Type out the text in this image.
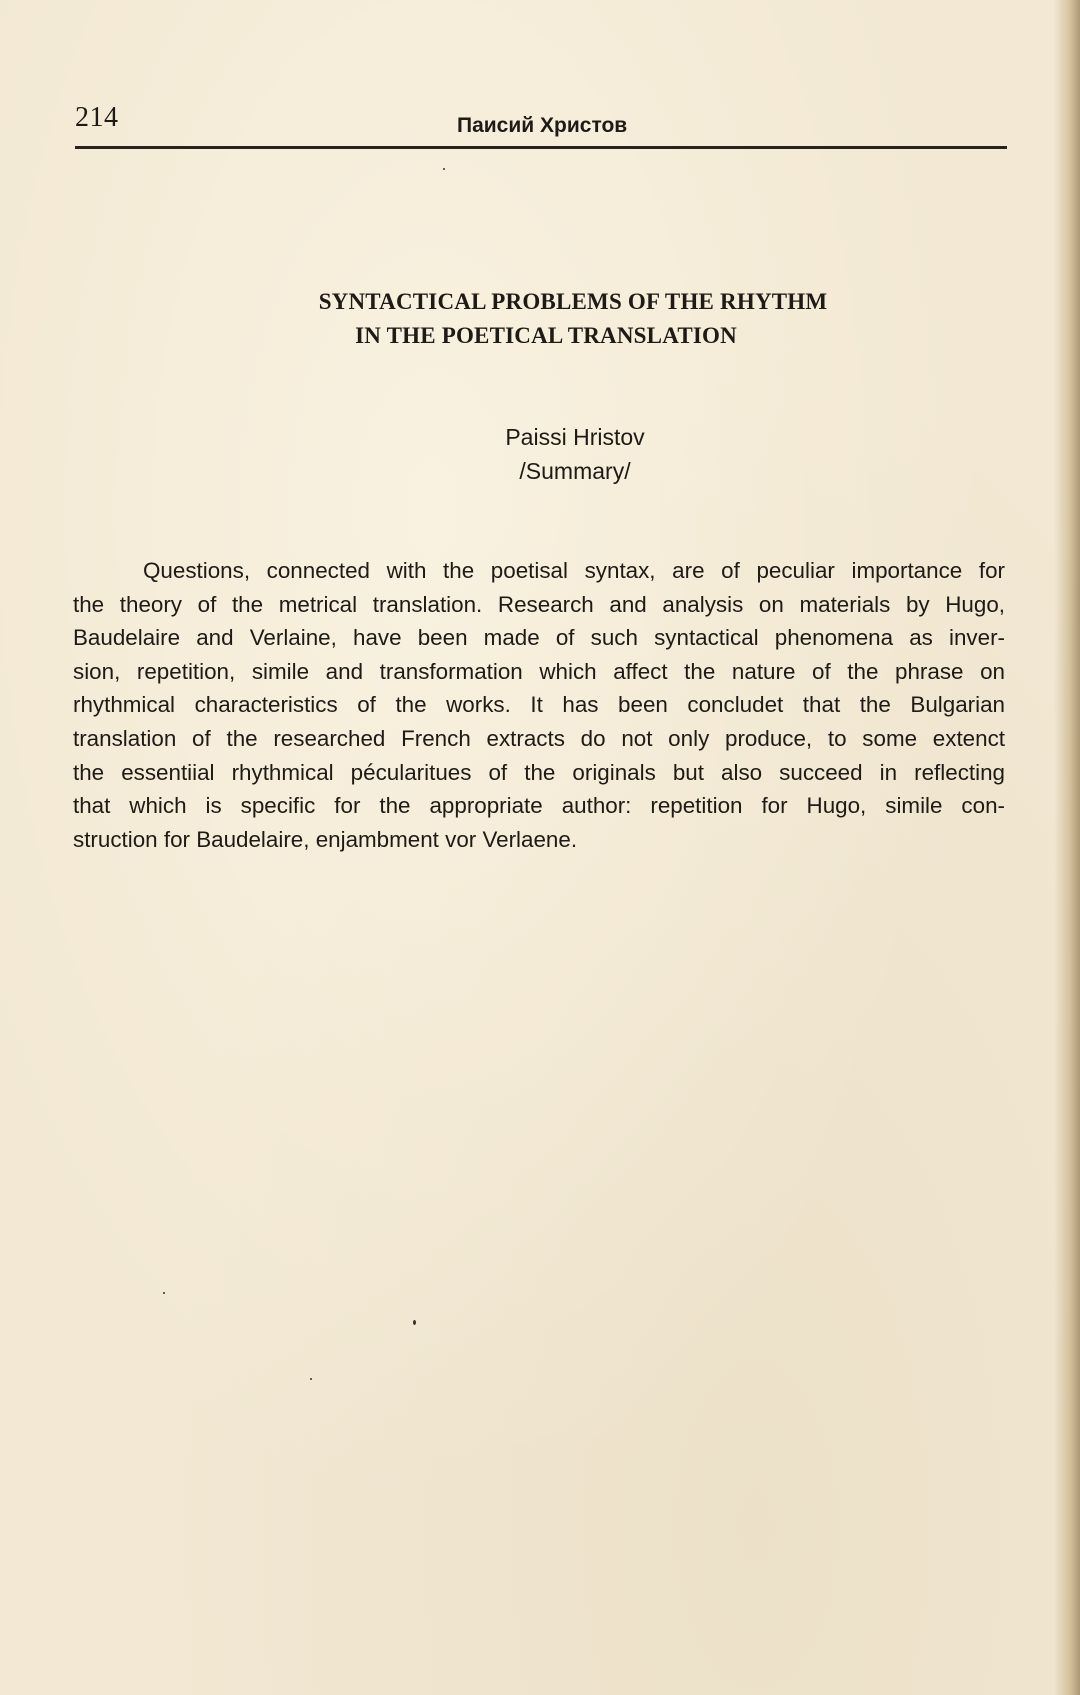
214	Паисий Христов
SYNTACTICAL PROBLEMS OF THE RHYTHM
IN THE POETICAL TRANSLATION
Paissi Hristov
/Summary/
Questions, connected with the poetisal syntax, are of peculiar importance for
the theory of the metrical translation. Research and analysis on materials by Hugo,
Baudelaire and Verlaine, have been made of such syntactical phenomena as inver-
sion, repetition, simile and transformation which affect the nature of the phrase on
rhythmical characteristics of the works. It has been concludet that the Bulgarian
translation of the researched French extracts do not only produce, to some extenct
the essentiial rhythmical pécularitues of the originals but also succeed in reflecting
that which is specific for the appropriate author: repetition for Hugo, simile con-
struction for Baudelaire, enjambment vor Verlaene.
